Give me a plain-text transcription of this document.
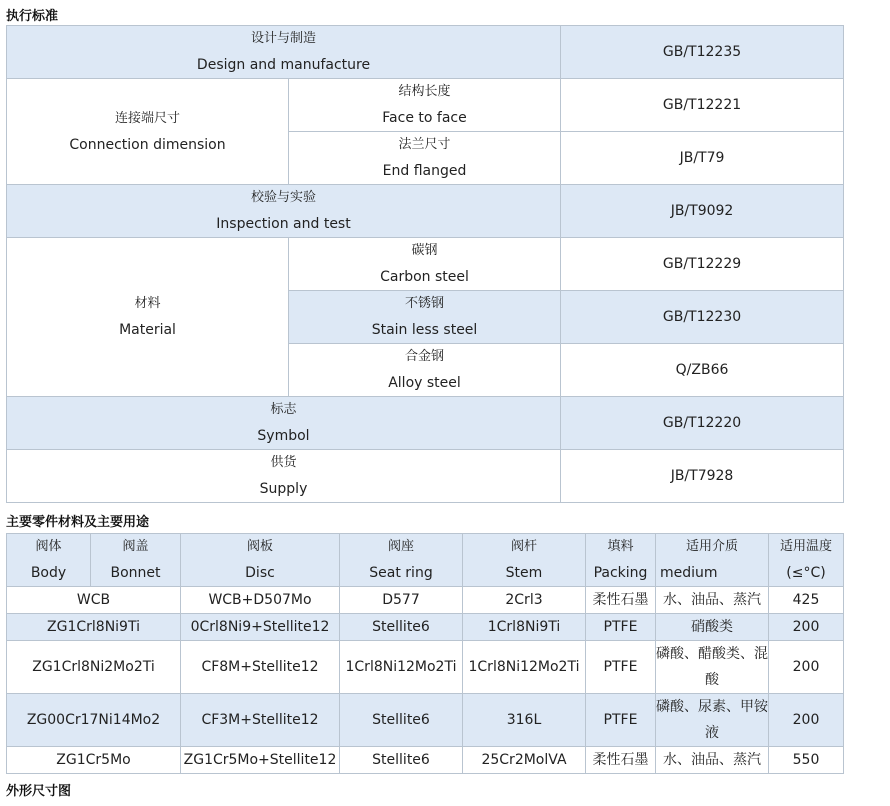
执行标准
设计与制造
Design and manufacture		GB/T12235

连接端尺寸
Connection dimension	结构长度
Face to face	GB/T12221

	法兰尺寸
End flanged	JB/T79

校验与实验
Inspection and test		JB/T9092

材料
Material	碳钢
Carbon steel	GB/T12229

	不锈钢
Stain less steel	GB/T12230

	合金钢
Alloy steel	Q/ZB66

标志
Symbol		GB/T12220

供货
Supply		JB/T7928
主要零件材料及主要用途
阀体
Body	阀盖
Bonnet	阀板
Disc	阀座
Seat ring	阀杆
Stem	填料
Packing	适用介质
medium	适用温度
(≤°C)

WCB		WCB+D507Mo	D577	2Crl3	柔性石墨	水、油品、蒸汽	425
ZG1Crl8Ni9Ti		0Crl8Ni9+Stellite12	Stellite6	1Crl8Ni9Ti	PTFE	硝酸类	200
ZG1Crl8Ni2Mo2Ti		CF8M+Stellite12	1Crl8Ni12Mo2Ti	1Crl8Ni12Mo2Ti	PTFE	磷酸、醋酸类、混酸	200
ZG00Cr17Ni14Mo2		CF3M+Stellite12	Stellite6	316L	PTFE	磷酸、尿素、甲铵液	200
ZG1Cr5Mo		ZG1Cr5Mo+Stellite12	Stellite6	25Cr2MolVA	柔性石墨	水、油品、蒸汽	550
外形尺寸图
